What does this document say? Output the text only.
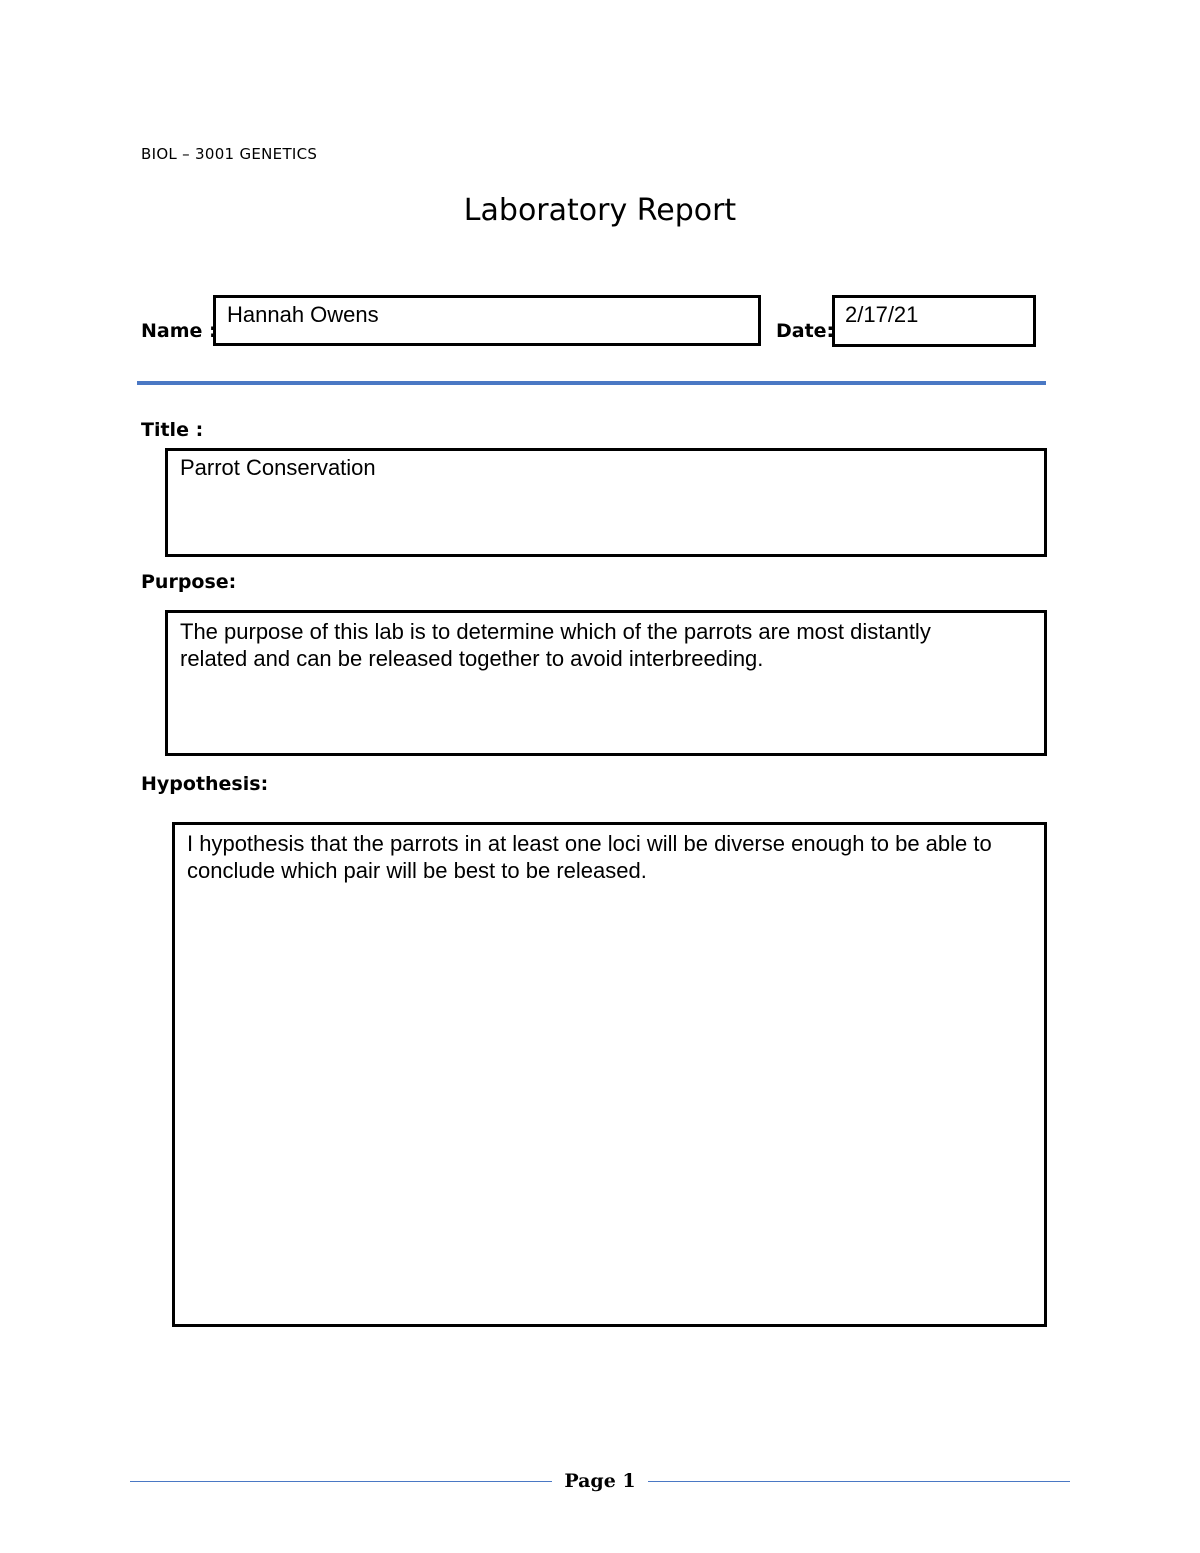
BIOL – 3001 GENETICS
Laboratory Report
Name :
Hannah Owens
Date:
2/17/21
Title :
Parrot Conservation
Purpose:
The purpose of this lab is to determine which of the parrots are most distantly related and can be released together to avoid interbreeding.
Hypothesis:
I hypothesis that the parrots in at least one loci will be diverse enough to be able to conclude which pair will be best to be released.
Page 1
